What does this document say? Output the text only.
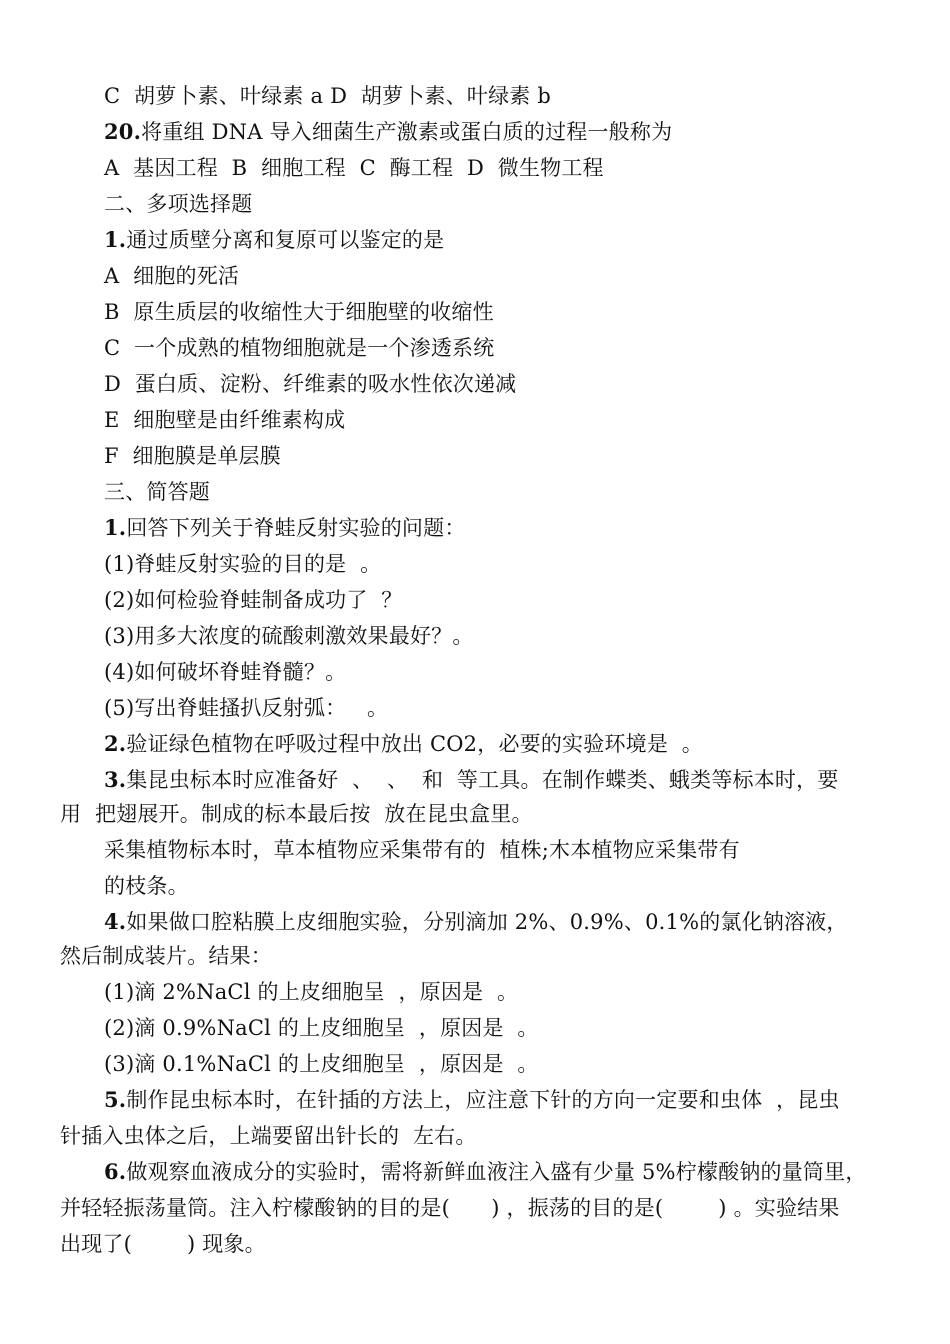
C  胡萝卜素、叶绿素 a D  胡萝卜素、叶绿素 b
20.将重组 DNA 导入细菌生产激素或蛋白质的过程一般称为
A  基因工程  B  细胞工程  C  酶工程  D  微生物工程
二、多项选择题
1.通过质壁分离和复原可以鉴定的是
A  细胞的死活
B  原生质层的收缩性大于细胞壁的收缩性
C  一个成熟的植物细胞就是一个渗透系统
D  蛋白质、淀粉、纤维素的吸水性依次递减
E  细胞壁是由纤维素构成
F  细胞膜是单层膜
三、简答题
1.回答下列关于脊蛙反射实验的问题：
(1)脊蛙反射实验的目的是  。
(2)如何检验脊蛙制备成功了  ？
(3)用多大浓度的硫酸刺激效果最好？。
(4)如何破坏脊蛙脊髓？。
(5)写出脊蛙搔扒反射弧：   。
2.验证绿色植物在呼吸过程中放出 CO2，必要的实验环境是  。
3.集昆虫标本时应准备好  、  、  和  等工具。在制作蝶类、蛾类等标本时，要
用  把翅展开。制成的标本最后按  放在昆虫盒里。
采集植物标本时，草本植物应采集带有的  植株;木本植物应采集带有
的枝条。
4.如果做口腔粘膜上皮细胞实验，分别滴加 2%、0.9%、0.1%的氯化钠溶液，
然后制成装片。结果：
(1)滴 2%NaCl 的上皮细胞呈  ，原因是  。
(2)滴 0.9%NaCl 的上皮细胞呈  ，原因是  。
(3)滴 0.1%NaCl 的上皮细胞呈  ，原因是  。
5.制作昆虫标本时，在针插的方法上，应注意下针的方向一定要和虫体  ，昆虫
针插入虫体之后，上端要留出针长的  左右。
6.做观察血液成分的实验时，需将新鲜血液注入盛有少量 5%柠檬酸钠的量筒里，
并轻轻振荡量筒。注入柠檬酸钠的目的是(      ) ，振荡的目的是(        ) 。实验结果
出现了(        ) 现象。
